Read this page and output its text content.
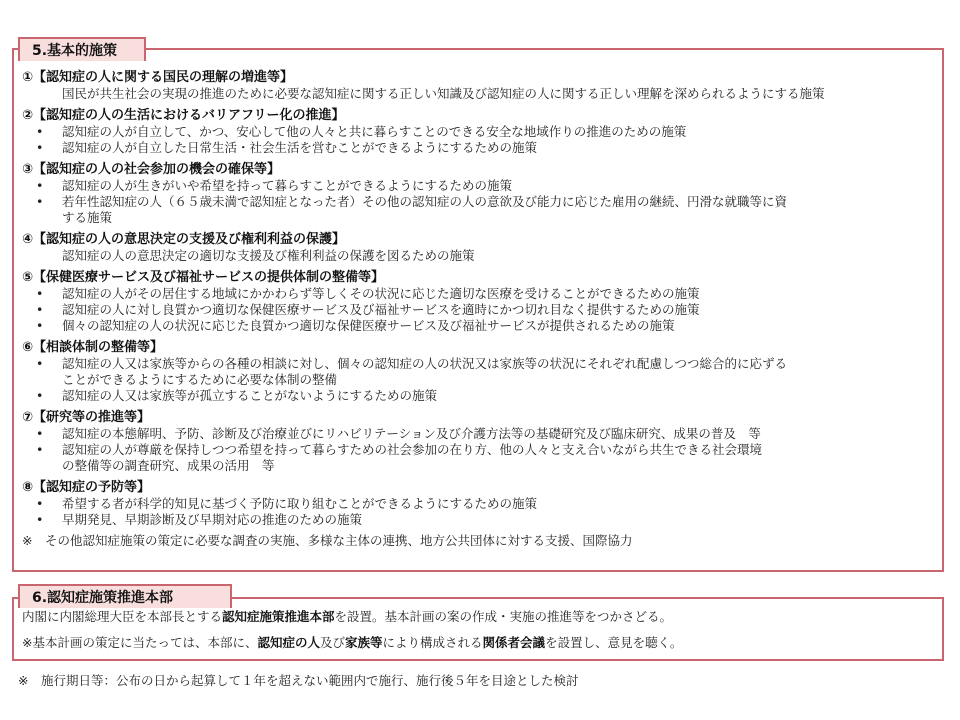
5.基本的施策
①【認知症の人に関する国民の理解の増進等】
国民が共生社会の実現の推進のために必要な認知症に関する正しい知識及び認知症の人に関する正しい理解を深められるようにする施策
②【認知症の人の生活におけるバリアフリー化の推進】
• 認知症の人が自立して、かつ、安心して他の人々と共に暮らすことのできる安全な地域作りの推進のための施策
• 認知症の人が自立した日常生活・社会生活を営むことができるようにするための施策
③【認知症の人の社会参加の機会の確保等】
• 認知症の人が生きがいや希望を持って暮らすことができるようにするための施策
• 若年性認知症の人（６５歳未満で認知症となった者）その他の認知症の人の意欲及び能力に応じた雇用の継続、円滑な就職等に資
する施策
④【認知症の人の意思決定の支援及び権利利益の保護】
認知症の人の意思決定の適切な支援及び権利利益の保護を図るための施策
⑤【保健医療サービス及び福祉サービスの提供体制の整備等】
• 認知症の人がその居住する地域にかかわらず等しくその状況に応じた適切な医療を受けることができるための施策
• 認知症の人に対し良質かつ適切な保健医療サービス及び福祉サービスを適時にかつ切れ目なく提供するための施策
• 個々の認知症の人の状況に応じた良質かつ適切な保健医療サービス及び福祉サービスが提供されるための施策
⑥【相談体制の整備等】
• 認知症の人又は家族等からの各種の相談に対し、個々の認知症の人の状況又は家族等の状況にそれぞれ配慮しつつ総合的に応ずる
ことができるようにするために必要な体制の整備
• 認知症の人又は家族等が孤立することがないようにするための施策
⑦【研究等の推進等】
• 認知症の本態解明、予防、診断及び治療並びにリハビリテーション及び介護方法等の基礎研究及び臨床研究、成果の普及　等
• 認知症の人が尊厳を保持しつつ希望を持って暮らすための社会参加の在り方、他の人々と支え合いながら共生できる社会環境
の整備等の調査研究、成果の活用　等
⑧【認知症の予防等】
• 希望する者が科学的知見に基づく予防に取り組むことができるようにするための施策
• 早期発見、早期診断及び早期対応の推進のための施策
※　その他認知症施策の策定に必要な調査の実施、多様な主体の連携、地方公共団体に対する支援、国際協力
6.認知症施策推進本部
内閣に内閣総理大臣を本部長とする認知症施策推進本部を設置。基本計画の案の作成・実施の推進等をつかさどる。
※基本計画の策定に当たっては、本部に、認知症の人及び家族等により構成される関係者会議を設置し、意見を聴く。
※　施行期日等：公布の日から起算して１年を超えない範囲内で施行、施行後５年を目途とした検討
